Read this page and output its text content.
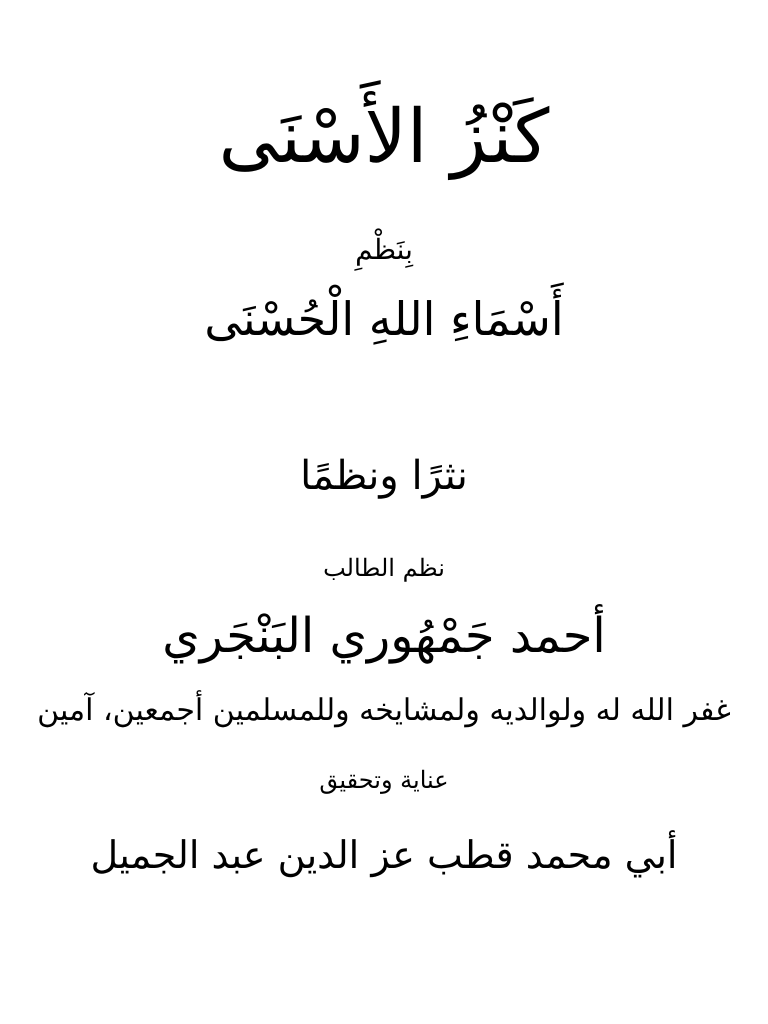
كَنْزُ الأَسْنَى
بِنَظْمِ
أَسْمَاءِ اللهِ الْحُسْنَى
نثرًا ونظمًا
نظم الطالب
أحمد جَمْهُوري البَنْجَري
غفر الله له ولوالديه ولمشايخه وللمسلمين أجمعين، آمين
عناية وتحقيق
أبي محمد قطب عز الدين عبد الجميل
